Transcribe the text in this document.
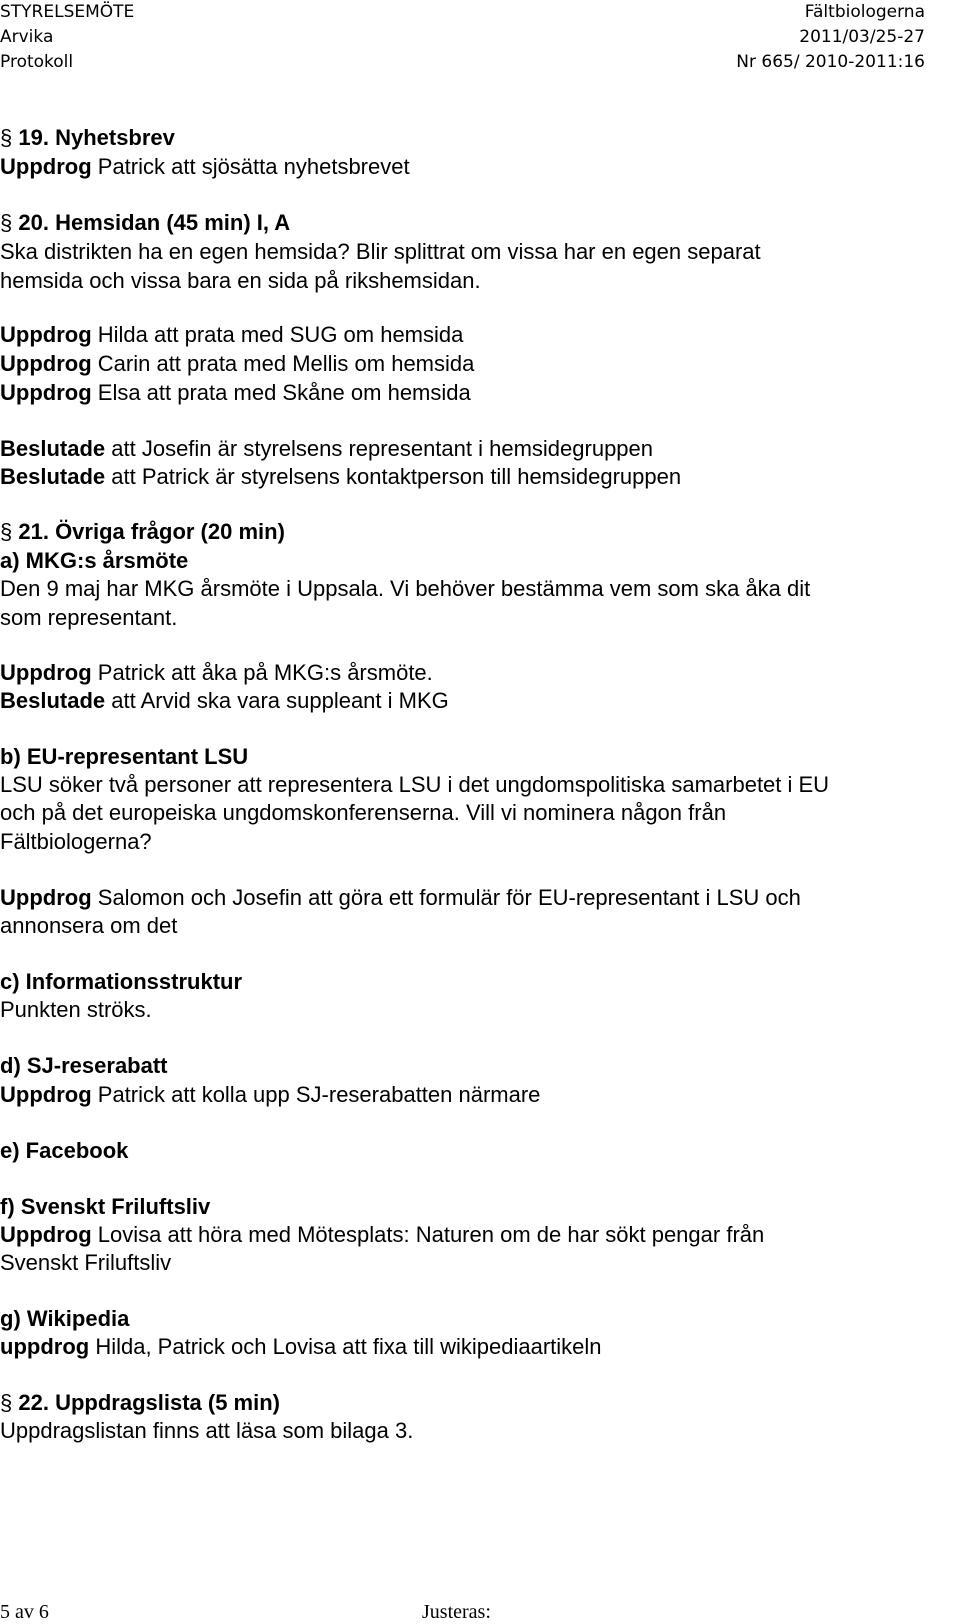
STYRELSEMÖTE	Fältbiologerna
Arvika	2011/03/25-27
Protokoll	Nr 665/ 2010-2011:16
§ 19. Nyhetsbrev
Uppdrog Patrick att sjösätta nyhetsbrevet
§ 20. Hemsidan (45 min) I, A
Ska distrikten ha en egen hemsida? Blir splittrat om vissa har en egen separat
hemsida och vissa bara en sida på rikshemsidan.
Uppdrog Hilda att prata med SUG om hemsida
Uppdrog Carin att prata med Mellis om hemsida
Uppdrog Elsa att prata med Skåne om hemsida
Beslutade att Josefin är styrelsens representant i hemsidegruppen
Beslutade att Patrick är styrelsens kontaktperson till hemsidegruppen
§ 21. Övriga frågor (20 min)
a) MKG:s årsmöte
Den 9 maj har MKG årsmöte i Uppsala. Vi behöver bestämma vem som ska åka dit
som representant.
Uppdrog Patrick att åka på MKG:s årsmöte.
Beslutade att Arvid ska vara suppleant i MKG
b) EU-representant LSU
LSU söker två personer att representera LSU i det ungdomspolitiska samarbetet i EU
och på det europeiska ungdomskonferenserna. Vill vi nominera någon från
Fältbiologerna?
Uppdrog Salomon och Josefin att göra ett formulär för EU-representant i LSU och
annonsera om det
c) Informationsstruktur
Punkten ströks.
d) SJ-reserabatt
Uppdrog Patrick att kolla upp SJ-reserabatten närmare
e) Facebook
f) Svenskt Friluftsliv
Uppdrog Lovisa att höra med Mötesplats: Naturen om de har sökt pengar från
Svenskt Friluftsliv
g) Wikipedia
uppdrog Hilda, Patrick och Lovisa att fixa till wikipediaartikeln
§ 22. Uppdragslista (5 min)
Uppdragslistan finns att läsa som bilaga 3.
5 av 6	Justeras:
